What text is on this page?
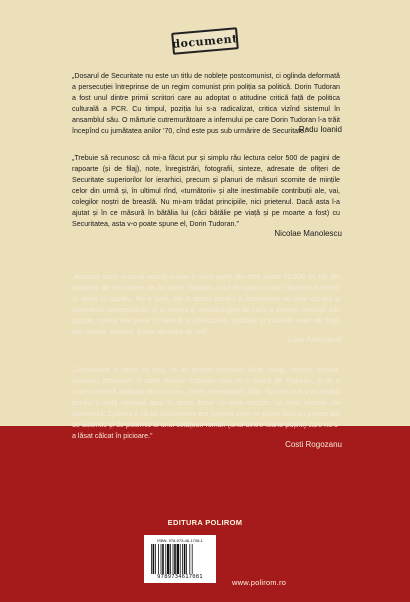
document
„Dosarul de Securitate nu este un titlu de noblețe postcomunist, ci oglinda deformată a persecuției întreprinse de un regim comunist prin poliția sa politică. Dorin Tudoran a fost unul dintre primii scriitori care au adoptat o atitudine critică față de politica culturală a PCR. Cu timpul, poziția lui s-a radicalizat, critica vizînd sistemul în ansamblul său. O mărturie cutremurătoare a infernului pe care Dorin Tudoran l-a trăit începînd cu jumătatea anilor '70, cînd este pus sub urmărire de Securitate.”
Radu Ioanid
„Trebuie să recunosc că mi-a făcut pur și simplu rău lectura celor 500 de pagini de rapoarte (și de filaj), note, înregistrări, fotografii, sinteze, adresate de ofițeri de Securitate superiorilor lor ierarhici, precum și planuri de măsuri scornite de mințile celor din urmă și, în ultimul rînd, «turnătorii» și alte inestimabile contribuții ale, vai, colegilor noștri de breaslă. Nu mi-am trădat principiile, nici prietenul. Dacă asta l-a ajutat și în ce măsură în bătălia lui (căci bătălie pe viață și pe moarte a fost) cu Securitatea, asta v-o poate spune el, Dorin Tudoran.”
Nicolae Manolescu
„Această carte masivă adună numai o mică parte din cele peste 10.000 de file din dosarele de Securitate ale lui Dorin Tudoran, unul din puținii noștri disidenți autentici și «pînă la capăt». Nu e totul, dar e destul pentru a documenta nu doar curajul și caracterul «obiectivului», ci și «teoria și metodologia» de lucru a sinistrei instituții. Din păcate, cartea mai pune în lumină și slăbiciunile, lașitățile și trădările celor de lîngă noi, uneori, aparent, foarte aproape de noi!”
Liviu Antonesei
„Securitatea a strîns cu sîrg, ca un google demonic, bîrfe, intrigi, mizerie umană, minciuni, deturnări. O carte despre Tudoran care nu e scrisă de Tudoran, ci de o voce colectivă alcătuită din «surse», ofițeri, interceptări, filări. Toți cei care s-au zbătut pentru o viață normală apar în acest dosar ca niște spectre, ca niște aberații ale sistemului. Culmea e că tot Securitatea era singura care ne putea lăsa un portret atît de autentic și de puternic al unui cetățean român (unul dintre foarte puținii) care nu s-a lăsat călcat în picioare.”
Costi Rogozanu
EDITURA POLIROM
ISBN: 978-973-46-1708-1
9789734617081
www.polirom.ro
